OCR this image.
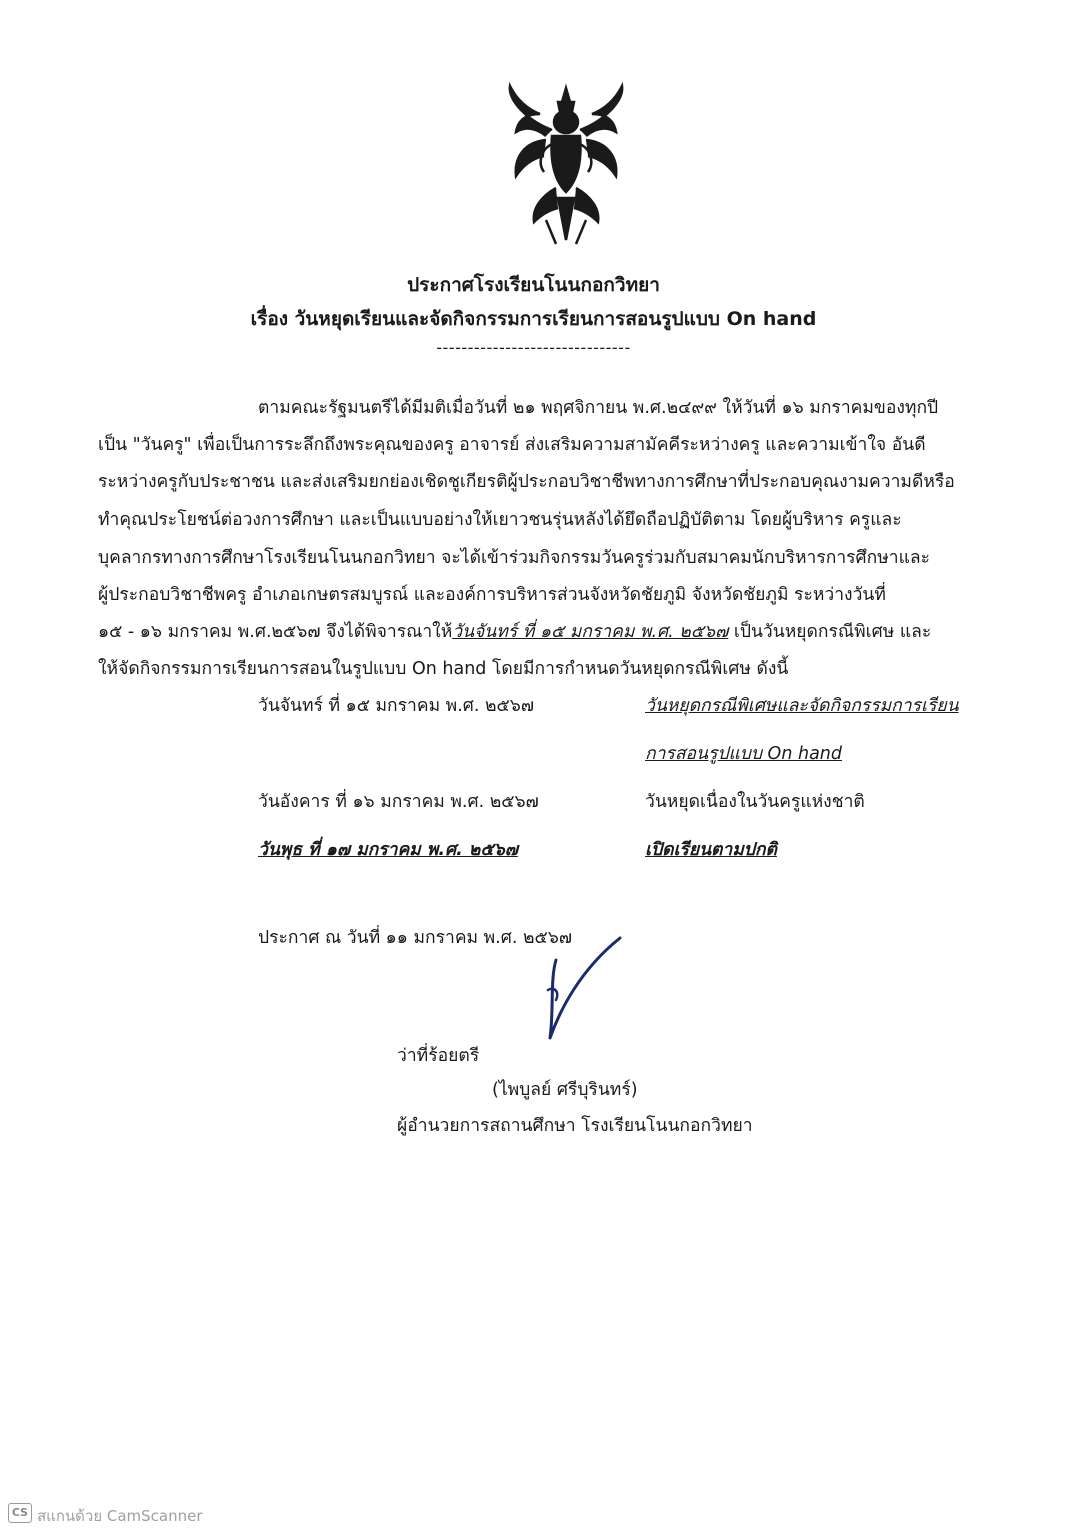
ประกาศโรงเรียนโนนกอกวิทยา
เรื่อง วันหยุดเรียนและจัดกิจกรรมการเรียนการสอนรูปแบบ On hand
-------------------------------
ตามคณะรัฐมนตรีได้มีมติเมื่อวันที่ ๒๑ พฤศจิกายน พ.ศ.๒๔๙๙ ให้วันที่ ๑๖ มกราคมของทุกปี
เป็น "วันครู" เพื่อเป็นการระลึกถึงพระคุณของครู อาจารย์ ส่งเสริมความสามัคคีระหว่างครู และความเข้าใจ อันดี
ระหว่างครูกับประชาชน และส่งเสริมยกย่องเชิดชูเกียรติผู้ประกอบวิชาชีพทางการศึกษาที่ประกอบคุณงามความดีหรือ
ทำคุณประโยชน์ต่อวงการศึกษา และเป็นแบบอย่างให้เยาวชนรุ่นหลังได้ยึดถือปฏิบัติตาม โดยผู้บริหาร ครูและ
บุคลากรทางการศึกษาโรงเรียนโนนกอกวิทยา จะได้เข้าร่วมกิจกรรมวันครูร่วมกับสมาคมนักบริหารการศึกษาและ
ผู้ประกอบวิชาชีพครู อำเภอเกษตรสมบูรณ์ และองค์การบริหารส่วนจังหวัดชัยภูมิ จังหวัดชัยภูมิ ระหว่างวันที่
๑๕ - ๑๖ มกราคม พ.ศ.๒๕๖๗ จึงได้พิจารณาให้วันจันทร์ ที่ ๑๕ มกราคม พ.ศ. ๒๕๖๗ เป็นวันหยุดกรณีพิเศษ และ
ให้จัดกิจกรรมการเรียนการสอนในรูปแบบ On hand โดยมีการกำหนดวันหยุดกรณีพิเศษ ดังนี้
วันจันทร์ ที่ ๑๕ มกราคม พ.ศ. ๒๕๖๗	วันหยุดกรณีพิเศษและจัดกิจกรรมการเรียน
การสอนรูปแบบ On hand
วันอังคาร ที่ ๑๖ มกราคม พ.ศ. ๒๕๖๗	วันหยุดเนื่องในวันครูแห่งชาติ
วันพุธ ที่ ๑๗ มกราคม พ.ศ. ๒๕๖๗	เปิดเรียนตามปกติ
ประกาศ ณ วันที่ ๑๑ มกราคม พ.ศ. ๒๕๖๗
ว่าที่ร้อยตรี
(ไพบูลย์ ศรีบุรินทร์)
ผู้อำนวยการสถานศึกษา โรงเรียนโนนกอกวิทยา
CS สแกนด้วย CamScanner
